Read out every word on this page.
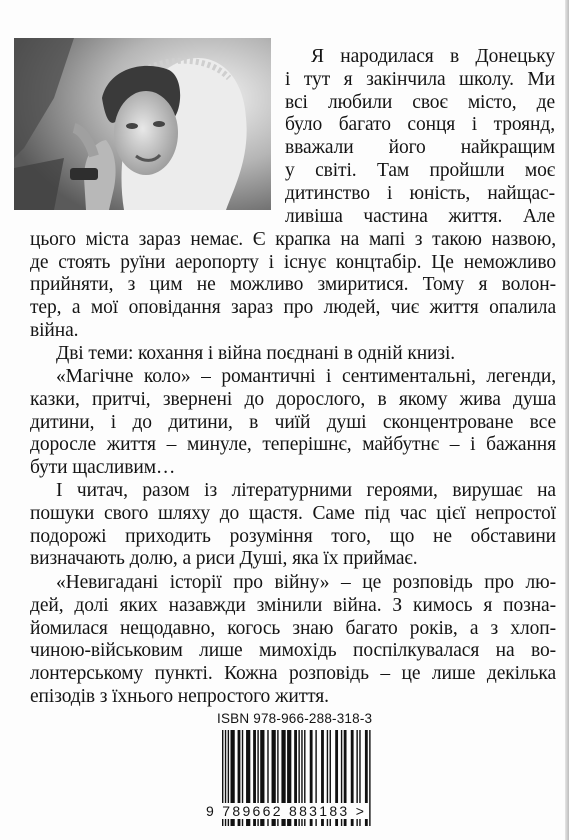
Я народилася в Донецьку
і тут я закінчила школу. Ми
всі любили своє місто, де
було багато сонця і троянд,
вважали його найкращим
у світі. Там пройшли моє
дитинство і юність, найщас-
ливіша частина життя. Але
цього міста зараз немає. Є крапка на мапі з такою назвою,
де стоять руїни аеропорту і існує концтабір. Це неможливо
прийняти, з цим не можливо змиритися. Тому я волон-
тер, а мої оповідання зараз про людей, чиє життя опалила
війна.
Дві теми: кохання і війна поєднані в одній книзі.
«Магічне коло» – романтичні і сентиментальні, легенди,
казки, притчі, звернені до дорослого, в якому жива душа
дитини, і до дитини, в чиїй душі сконцентроване все
доросле життя – минуле, теперішнє, майбутнє – і бажання
бути щасливим…
І читач, разом із літературними героями, вирушає на
пошуки свого шляху до щастя. Саме під час цієї непростої
подорожі приходить розуміння того, що не обставини
визначають долю, а риси Душі, яка їх приймає.
«Невигадані історії про війну» – це розповідь про лю-
дей, долі яких назавжди змінили війна. З кимось я позна-
йомилася нещодавно, когось знаю багато років, а з хлоп-
чиною-військовим лише мимохідь поспілкувалася на во-
лонтерському пункті. Кожна розповідь – це лише декілька
епізодів з їхнього непростого життя.
ISBN 978-966-288-318-3
9 789662 883183 >
